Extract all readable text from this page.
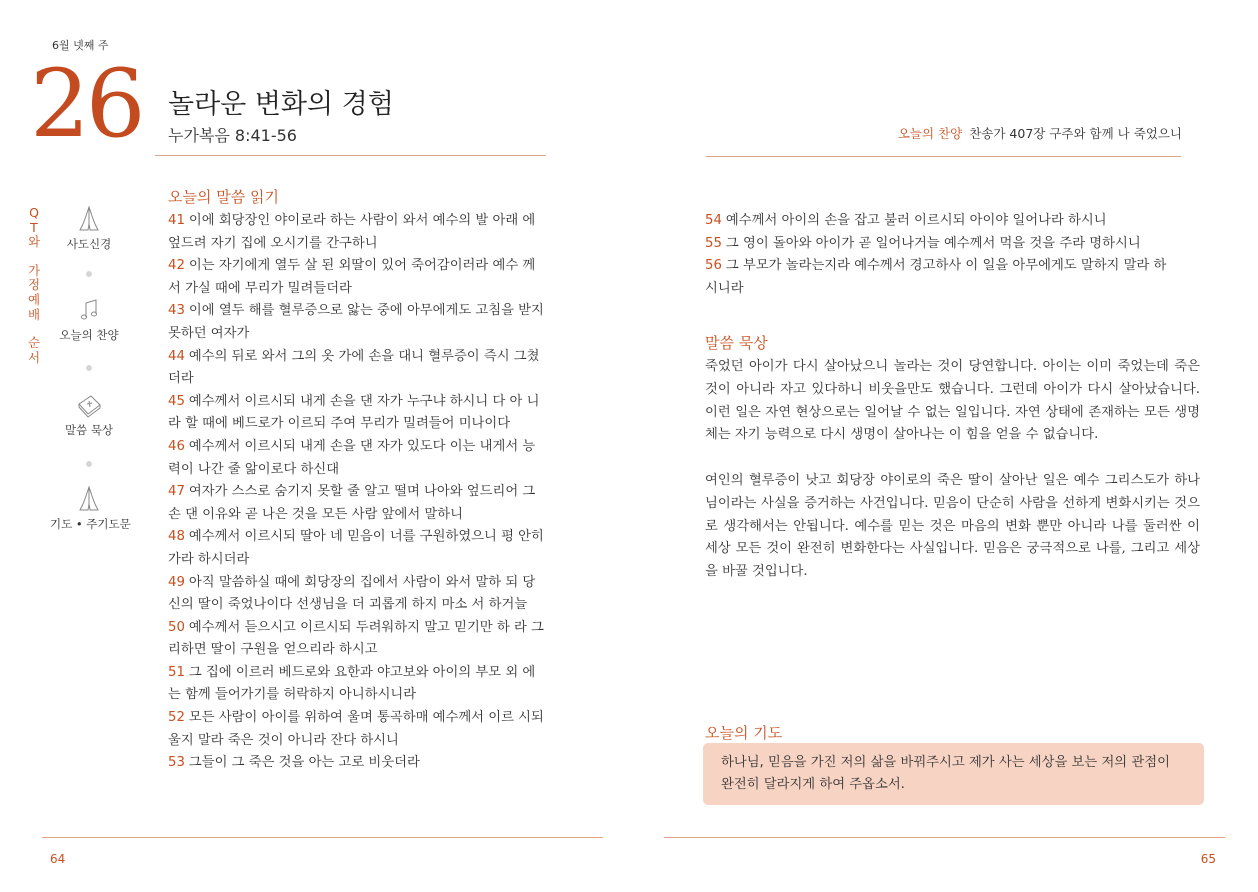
6월 넷째 주
26 놀라운 변화의 경험
누가복음 8:41-56	오늘의 찬양 찬송가 407장 구주와 함께 나 죽었으니
Q
T
와
가
정
예
배
순
서
사도신경
오늘의 찬양
말씀 묵상
기도 • 주기도문
오늘의 말씀 읽기
41 이에 회당장인 야이로라 하는 사람이 와서 예수의 발 아래 에 엎드려 자기 집에 오시기를 간구하니
42 이는 자기에게 열두 살 된 외딸이 있어 죽어감이러라 예수 께서 가실 때에 무리가 밀려들더라
43 이에 열두 해를 혈루증으로 앓는 중에 아무에게도 고침을 받지 못하던 여자가
44 예수의 뒤로 와서 그의 옷 가에 손을 대니 혈루증이 즉시 그쳤더라
45 예수께서 이르시되 내게 손을 댄 자가 누구냐 하시니 다 아 니라 할 때에 베드로가 이르되 주여 무리가 밀려들어 미나이다
46 예수께서 이르시되 내게 손을 댄 자가 있도다 이는 내게서 능력이 나간 줄 앎이로다 하신대
47 여자가 스스로 숨기지 못할 줄 알고 떨며 나아와 엎드리어 그 손 댄 이유와 곧 나은 것을 모든 사람 앞에서 말하니
48 예수께서 이르시되 딸아 네 믿음이 너를 구원하였으니 평 안히 가라 하시더라
49 아직 말씀하실 때에 회당장의 집에서 사람이 와서 말하 되 당신의 딸이 죽었나이다 선생님을 더 괴롭게 하지 마소 서 하거늘
50 예수께서 듣으시고 이르시되 두려워하지 말고 믿기만 하 라 그리하면 딸이 구원을 얻으리라 하시고
51 그 집에 이르러 베드로와 요한과 야고보와 아이의 부모 외 에는 함께 들어가기를 허락하지 아니하시니라
52 모든 사람이 아이를 위하여 울며 통곡하매 예수께서 이르 시되 울지 말라 죽은 것이 아니라 잔다 하시니
53 그들이 그 죽은 것을 아는 고로 비웃더라
54 예수께서 아이의 손을 잡고 불러 이르시되 아이야 일어나라 하시니
55 그 영이 돌아와 아이가 곧 일어나거늘 예수께서 먹을 것을 주라 명하시니
56 그 부모가 놀라는지라 예수께서 경고하사 이 일을 아무에게도 말하지 말라 하시니라
말씀 묵상

죽었던 아이가 다시 살아났으니 놀라는 것이 당연합니다. 아이는 이미 죽었는데 죽은 것이 아니라 자고 있다하니 비웃을만도 했습니다. 그런데 아이가 다시 살아났습니다. 이런 일은 자연 현상으로는 일어날 수 없는 일입니다. 자연 상태에 존재하는 모든 생명체는 자기 능력으로 다시 생명이 살아나는 이 힘을 얻을 수 없습니다.

여인의 혈루증이 낫고 회당장 야이로의 죽은 딸이 살아난 일은 예수 그리스도가 하나님이라는 사실을 증거하는 사건입니다. 믿음이 단순히 사람을 선하게 변화시키는 것으로 생각해서는 안됩니다. 예수를 믿는 것은 마음의 변화 뿐만 아니라 나를 둘러싼 이 세상 모든 것이 완전히 변화한다는 사실입니다. 믿음은 궁극적으로 나를, 그리고 세상을 바꿀 것입니다.

오늘의 기도
하나님, 믿음을 가진 저의 삶을 바꿔주시고 제가 사는 세상을 보는 저의 관점이 완전히 달라지게 하여 주옵소서.
64	65
